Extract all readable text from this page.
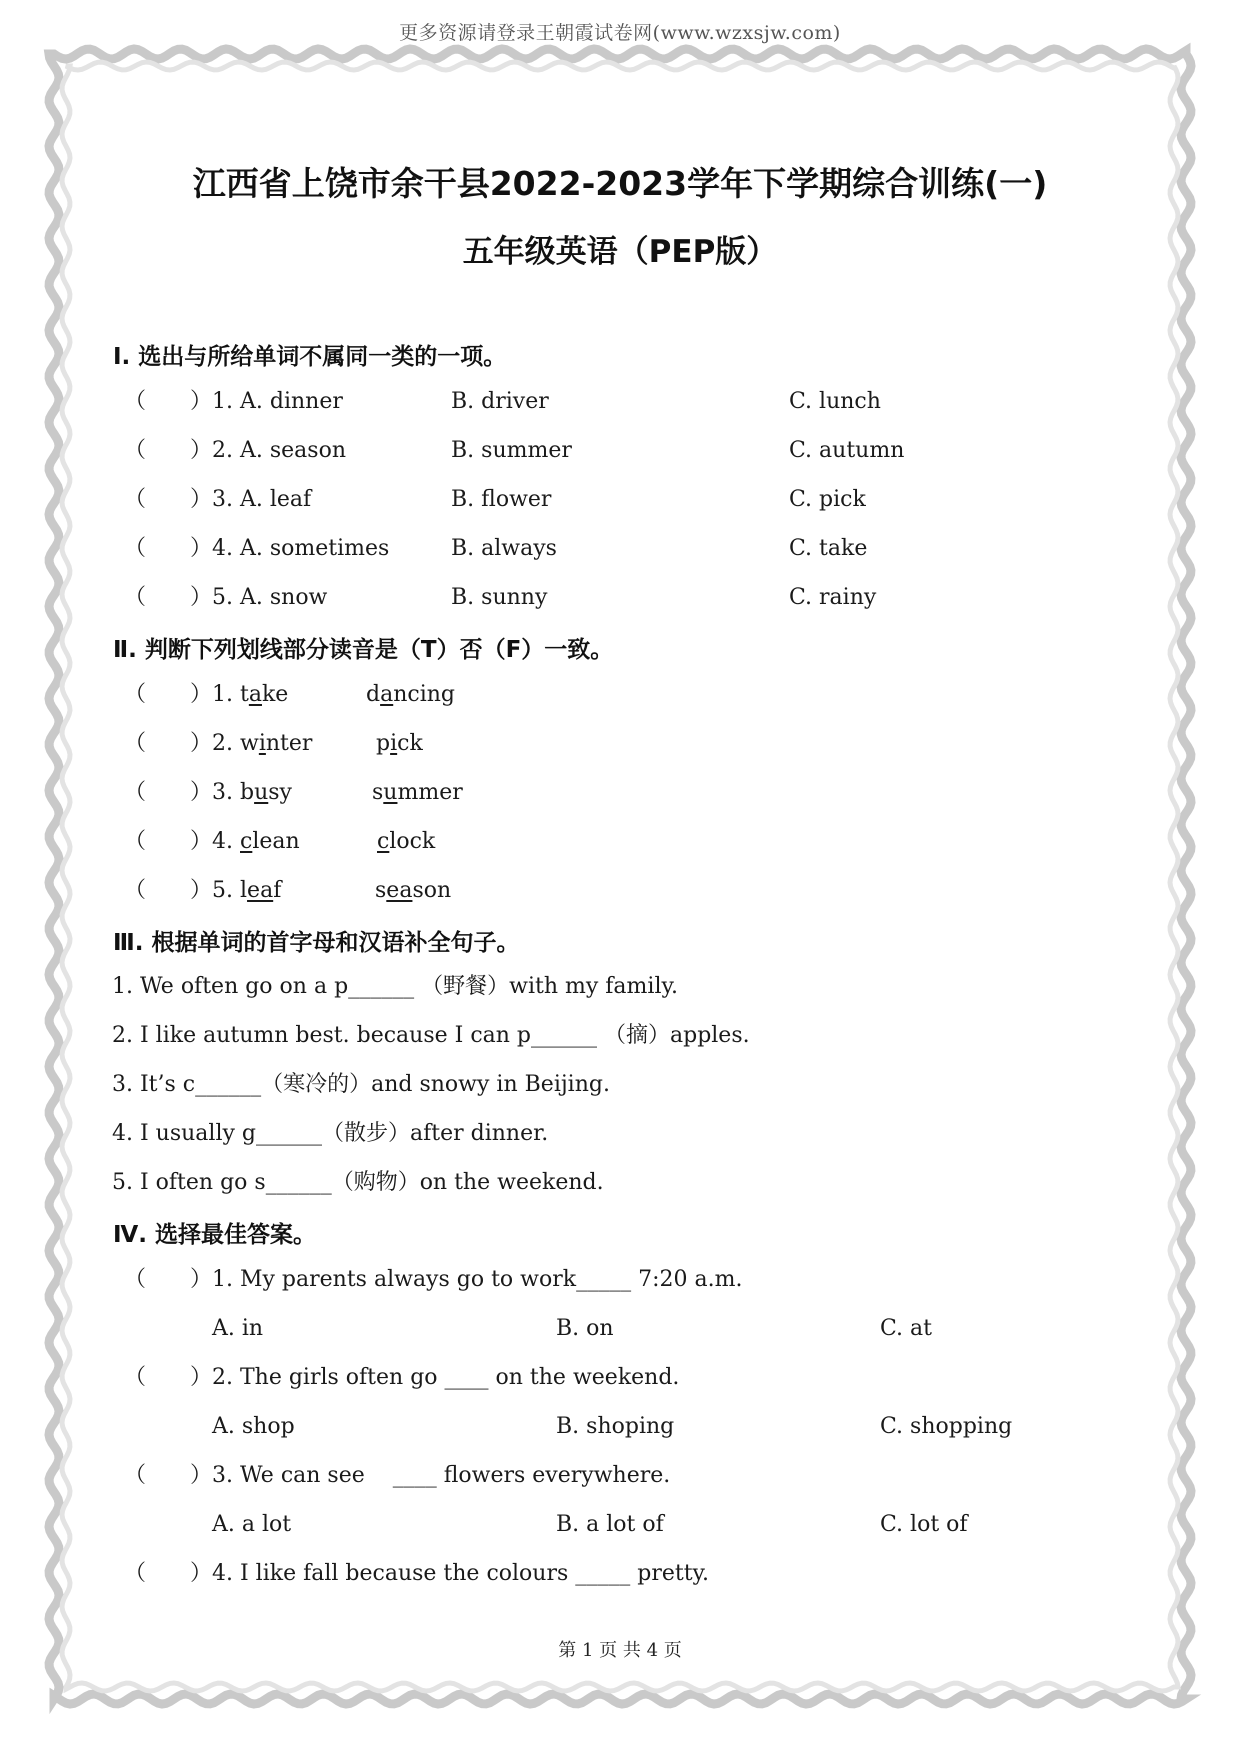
更多资源请登录王朝霞试卷网(www.wzxsjw.com)
江西省上饶市余干县2022-2023学年下学期综合训练(一)
五年级英语（PEP版）
Ⅰ. 选出与所给单词不属同一类的一项。
（ ） 1. A. dinner	B. driver	C. lunch
（ ） 2. A. season	B. summer	C. autumn
（ ） 3. A. leaf	B. flower	C. pick
（ ） 4. A. sometimes	B. always	C. take
（ ） 5. A. snow	B. sunny	C. rainy
Ⅱ. 判断下列划线部分读音是（T）否（F）一致。
（ ） 1. take	dancing
（ ） 2. winter	pick
（ ） 3. busy	summer
（ ） 4. clean	clock
（ ） 5. leaf	season
Ⅲ. 根据单词的首字母和汉语补全句子。
1. We often go on a p______ （野餐）with my family.
2. I like autumn best. because I can p______ （摘）apples.
3. It’s c______（寒冷的）and snowy in Beijing.
4. I usually g______（散步）after dinner.
5. I often go s______（购物）on the weekend.
Ⅳ. 选择最佳答案。
（ ） 1. My parents always go to work_____ 7:20 a.m.
A. in	B. on	C. at
（ ） 2. The girls often go ____ on the weekend.
A. shop	B. shoping	C. shopping
（ ） 3. We can see    ____ flowers everywhere.
A. a lot	B. a lot of	C. lot of
（ ） 4. I like fall because the colours _____ pretty.
第 1 页 共 4 页
